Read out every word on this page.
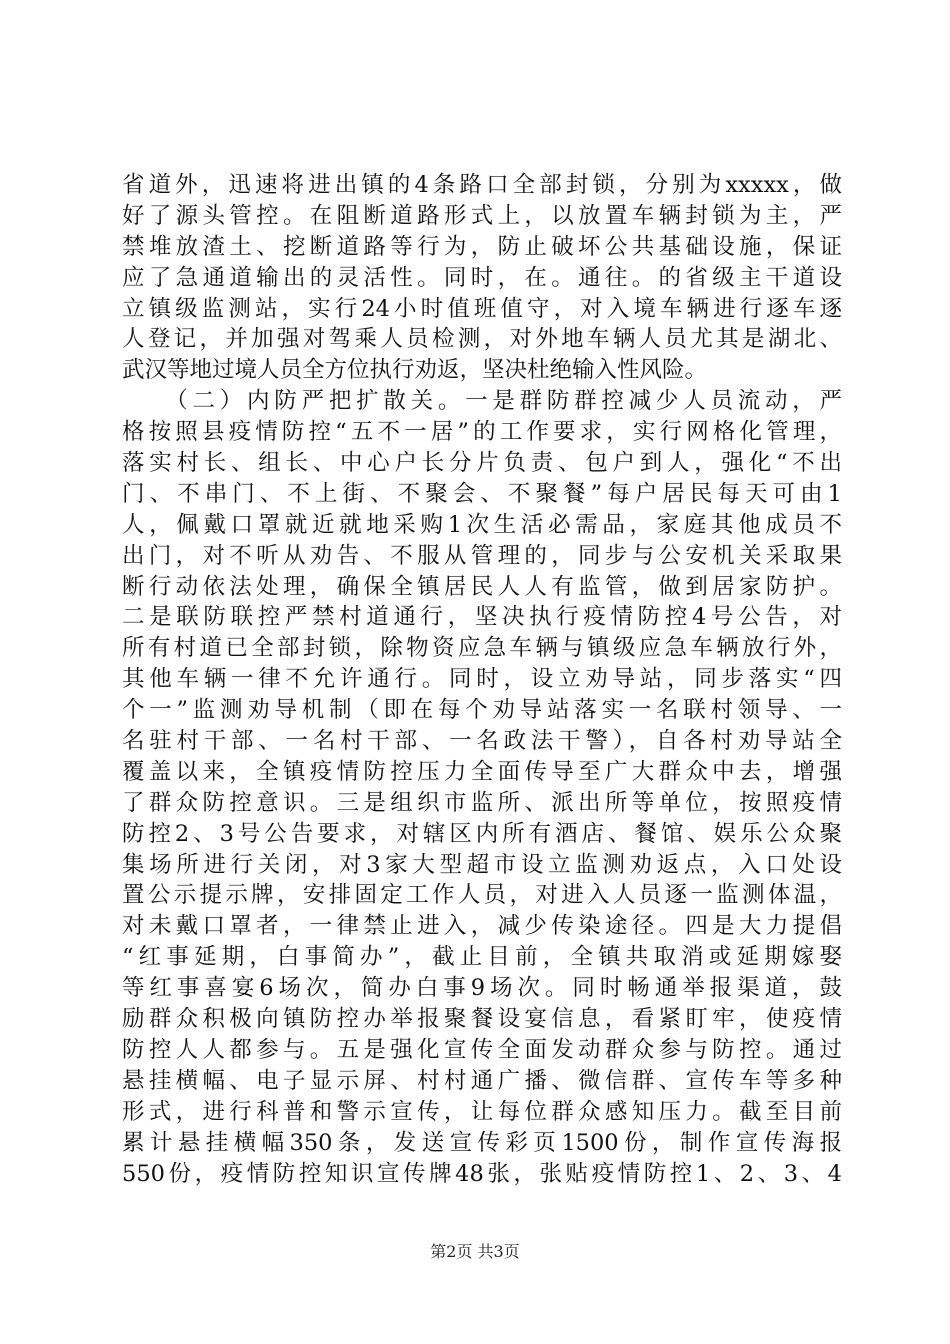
省道外，迅速将进出镇的4条路口全部封锁，分别为xxxxx，做
好了源头管控。在阻断道路形式上，以放置车辆封锁为主，严
禁堆放渣土、挖断道路等行为，防止破坏公共基础设施，保证
应了急通道输出的灵活性。同时，在。通往。的省级主干道设
立镇级监测站，实行24小时值班值守，对入境车辆进行逐车逐
人登记，并加强对驾乘人员检测，对外地车辆人员尤其是湖北、
武汉等地过境人员全方位执行劝返，坚决杜绝输入性风险。
　　（二）内防严把扩散关。一是群防群控减少人员流动，严
格按照县疫情防控“五不一居”的工作要求，实行网格化管理，
落实村长、组长、中心户长分片负责、包户到人，强化“不出
门、不串门、不上街、不聚会、不聚餐”每户居民每天可由1
人，佩戴口罩就近就地采购1次生活必需品，家庭其他成员不
出门，对不听从劝告、不服从管理的，同步与公安机关采取果
断行动依法处理，确保全镇居民人人有监管，做到居家防护。
二是联防联控严禁村道通行，坚决执行疫情防控4号公告，对
所有村道已全部封锁，除物资应急车辆与镇级应急车辆放行外，
其他车辆一律不允许通行。同时，设立劝导站，同步落实“四
个一”监测劝导机制（即在每个劝导站落实一名联村领导、一
名驻村干部、一名村干部、一名政法干警），自各村劝导站全
覆盖以来，全镇疫情防控压力全面传导至广大群众中去，增强
了群众防控意识。三是组织市监所、派出所等单位，按照疫情
防控2、3号公告要求，对辖区内所有酒店、餐馆、娱乐公众聚
集场所进行关闭，对3家大型超市设立监测劝返点，入口处设
置公示提示牌，安排固定工作人员，对进入人员逐一监测体温，
对未戴口罩者，一律禁止进入，减少传染途径。四是大力提倡
“红事延期，白事简办”，截止目前，全镇共取消或延期嫁娶
等红事喜宴6场次，简办白事9场次。同时畅通举报渠道，鼓
励群众积极向镇防控办举报聚餐设宴信息，看紧盯牢，使疫情
防控人人都参与。五是强化宣传全面发动群众参与防控。通过
悬挂横幅、电子显示屏、村村通广播、微信群、宣传车等多种
形式，进行科普和警示宣传，让每位群众感知压力。截至目前
累计悬挂横幅350条，发送宣传彩页1500份，制作宣传海报
550份，疫情防控知识宣传牌48张，张贴疫情防控1、2、3、4
第2页 共3页
